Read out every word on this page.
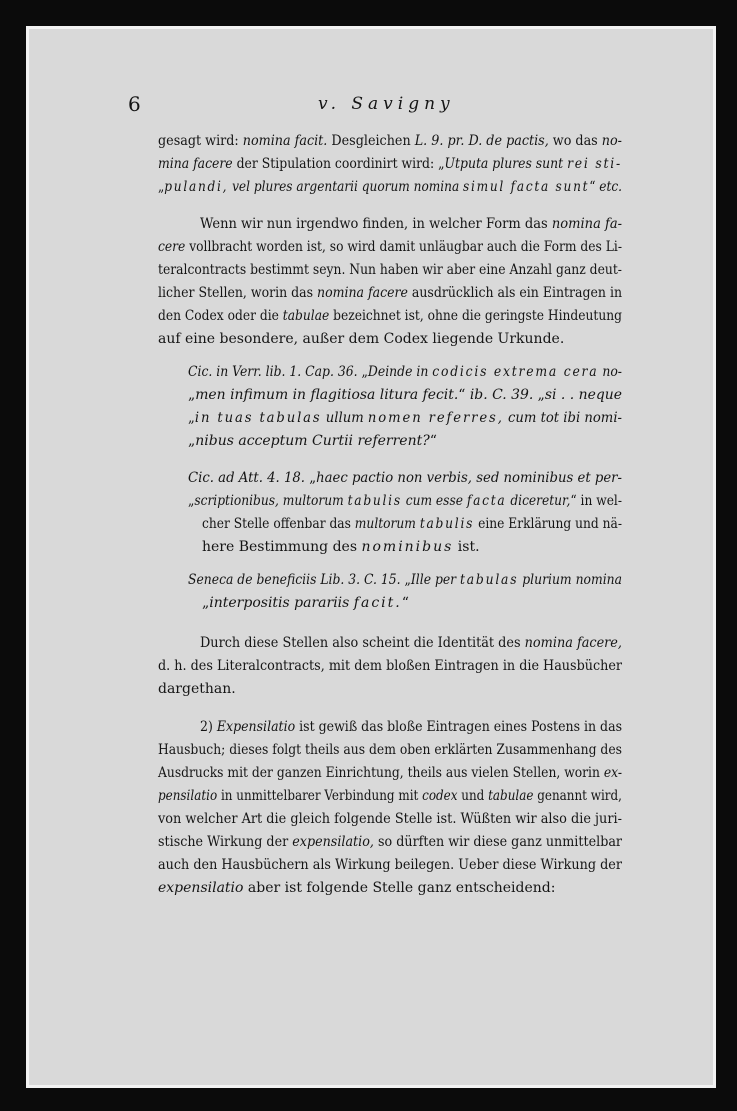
6	v. Savigny
gesagt wird: nomina facit. Desgleichen L. 9. pr. D. de pactis, wo das no-
mina facere der Stipulation coordinirt wird: „Utputa plures sunt rei sti-
„pulandi, vel plures argentarii quorum nomina simul facta sunt“ etc.
Wenn wir nun irgendwo finden, in welcher Form das nomina fa-
cere vollbracht worden ist, so wird damit unläugbar auch die Form des Li-
teralcontracts bestimmt seyn. Nun haben wir aber eine Anzahl ganz deut-
licher Stellen, worin das nomina facere ausdrücklich als ein Eintragen in
den Codex oder die tabulae bezeichnet ist, ohne die geringste Hindeutung
auf eine besondere, außer dem Codex liegende Urkunde.
Cic. in Verr. lib. 1. Cap. 36. „Deinde in codicis extrema cera no-
„men infimum in flagitiosa litura fecit.“ ib. C. 39. „si . . neque
„in tuas tabulas ullum nomen referres, cum tot ibi nomi-
„nibus acceptum Curtii referrent?“
Cic. ad Att. 4. 18. „haec pactio non verbis, sed nominibus et per-
„scriptionibus, multorum tabulis cum esse facta diceretur,“ in wel-
cher Stelle offenbar das multorum tabulis eine Erklärung und nä-
here Bestimmung des nominibus ist.
Seneca de beneficiis Lib. 3. C. 15. „Ille per tabulas plurium nomina
„interpositis parariis facit.“
Durch diese Stellen also scheint die Identität des nomina facere,
d. h. des Literalcontracts, mit dem bloßen Eintragen in die Hausbücher
dargethan.
2) Expensilatio ist gewiß das bloße Eintragen eines Postens in das
Hausbuch; dieses folgt theils aus dem oben erklärten Zusammenhang des
Ausdrucks mit der ganzen Einrichtung, theils aus vielen Stellen, worin ex-
pensilatio in unmittelbarer Verbindung mit codex und tabulae genannt wird,
von welcher Art die gleich folgende Stelle ist. Wüßten wir also die juri-
stische Wirkung der expensilatio, so dürften wir diese ganz unmittelbar
auch den Hausbüchern als Wirkung beilegen. Ueber diese Wirkung der
expensilatio aber ist folgende Stelle ganz entscheidend:
